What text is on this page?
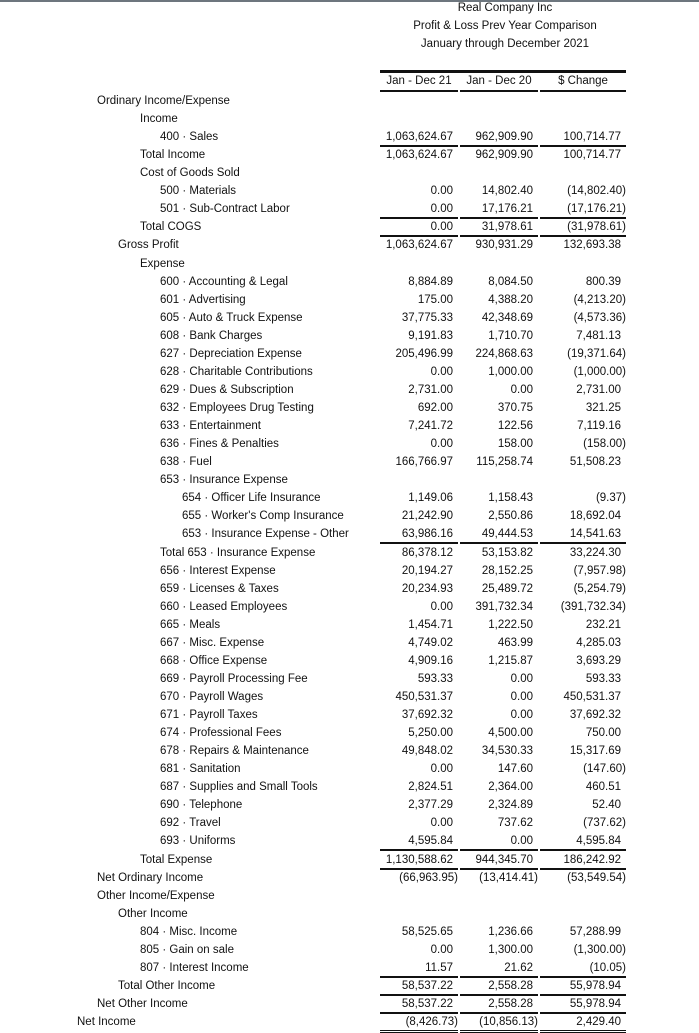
Real Company Inc
Profit & Loss Prev Year Comparison
January through December 2021
Jan - Dec 21	Jan - Dec 20	$ Change
Ordinary Income/Expense
Income
400 · Sales	1,063,624.67	962,909.90	100,714.77
Total Income	1,063,624.67	962,909.90	100,714.77
Cost of Goods Sold
500 · Materials	0.00	14,802.40	(14,802.40)
501 · Sub-Contract Labor	0.00	17,176.21	(17,176.21)
Total COGS	0.00	31,978.61	(31,978.61)
Gross Profit	1,063,624.67	930,931.29	132,693.38
Expense
600 · Accounting & Legal	8,884.89	8,084.50	800.39
601 · Advertising	175.00	4,388.20	(4,213.20)
605 · Auto & Truck Expense	37,775.33	42,348.69	(4,573.36)
608 · Bank Charges	9,191.83	1,710.70	7,481.13
627 · Depreciation Expense	205,496.99	224,868.63	(19,371.64)
628 · Charitable Contributions	0.00	1,000.00	(1,000.00)
629 · Dues & Subscription	2,731.00	0.00	2,731.00
632 · Employees Drug Testing	692.00	370.75	321.25
633 · Entertainment	7,241.72	122.56	7,119.16
636 · Fines & Penalties	0.00	158.00	(158.00)
638 · Fuel	166,766.97	115,258.74	51,508.23
653 · Insurance Expense
654 · Officer Life Insurance	1,149.06	1,158.43	(9.37)
655 · Worker's Comp Insurance	21,242.90	2,550.86	18,692.04
653 · Insurance Expense - Other	63,986.16	49,444.53	14,541.63
Total 653 · Insurance Expense	86,378.12	53,153.82	33,224.30
656 · Interest Expense	20,194.27	28,152.25	(7,957.98)
659 · Licenses & Taxes	20,234.93	25,489.72	(5,254.79)
660 · Leased Employees	0.00	391,732.34	(391,732.34)
665 · Meals	1,454.71	1,222.50	232.21
667 · Misc. Expense	4,749.02	463.99	4,285.03
668 · Office Expense	4,909.16	1,215.87	3,693.29
669 · Payroll Processing Fee	593.33	0.00	593.33
670 · Payroll Wages	450,531.37	0.00	450,531.37
671 · Payroll Taxes	37,692.32	0.00	37,692.32
674 · Professional Fees	5,250.00	4,500.00	750.00
678 · Repairs & Maintenance	49,848.02	34,530.33	15,317.69
681 · Sanitation	0.00	147.60	(147.60)
687 · Supplies and Small Tools	2,824.51	2,364.00	460.51
690 · Telephone	2,377.29	2,324.89	52.40
692 · Travel	0.00	737.62	(737.62)
693 · Uniforms	4,595.84	0.00	4,595.84
Total Expense	1,130,588.62	944,345.70	186,242.92
Net Ordinary Income	(66,963.95)	(13,414.41)	(53,549.54)
Other Income/Expense
Other Income
804 · Misc. Income	58,525.65	1,236.66	57,288.99
805 · Gain on sale	0.00	1,300.00	(1,300.00)
807 · Interest Income	11.57	21.62	(10.05)
Total Other Income	58,537.22	2,558.28	55,978.94
Net Other Income	58,537.22	2,558.28	55,978.94
Net Income	(8,426.73)	(10,856.13)	2,429.40
